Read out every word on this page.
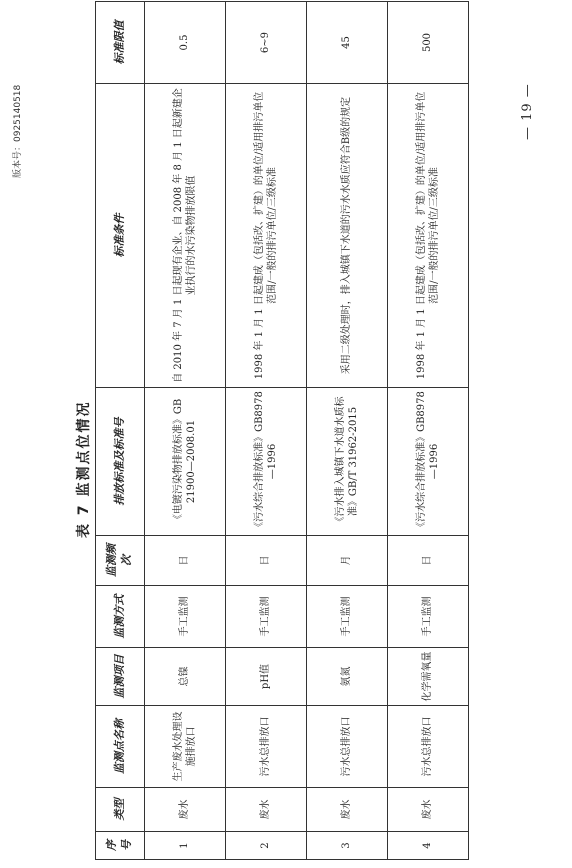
版本号：0925140518
表 7 监测点位情况
序号	类型	监测点名称	监测项目	监测方式	监测频次	排放标准及标准号	标准条件	标准限值
1	废水	生产废水处理设施排放口	总镍	手工监测	日	《电镀污染物排放标准》GB 21900—2008.01	自 2010 年 7 月 1 日起现有企业、自 2008 年 8 月 1 日起新建企业执行的水污染物排放限值	0.5
2	废水	污水总排放口	pH值	手工监测	日	《污水综合排放标准》GB8978—1996	1998 年 1 月 1 日起建成（包括改、扩建）的单位/适用排污单位范围/一般的排污单位/三级标准	6~9
3	废水	污水总排放口	氨氮	手工监测	月	《污水排入城镇下水道水质标准》GB/T 31962-2015	采用二级处理时，排入城镇下水道的污水水质应符合B级的规定	45
4	废水	污水总排放口	化学需氧量	手工监测	日	《污水综合排放标准》GB8978—1996	1998 年 1 月 1 日起建成（包括改、扩建）的单位/适用排污单位范围/一般的排污单位/三级标准	500
— 19 —
